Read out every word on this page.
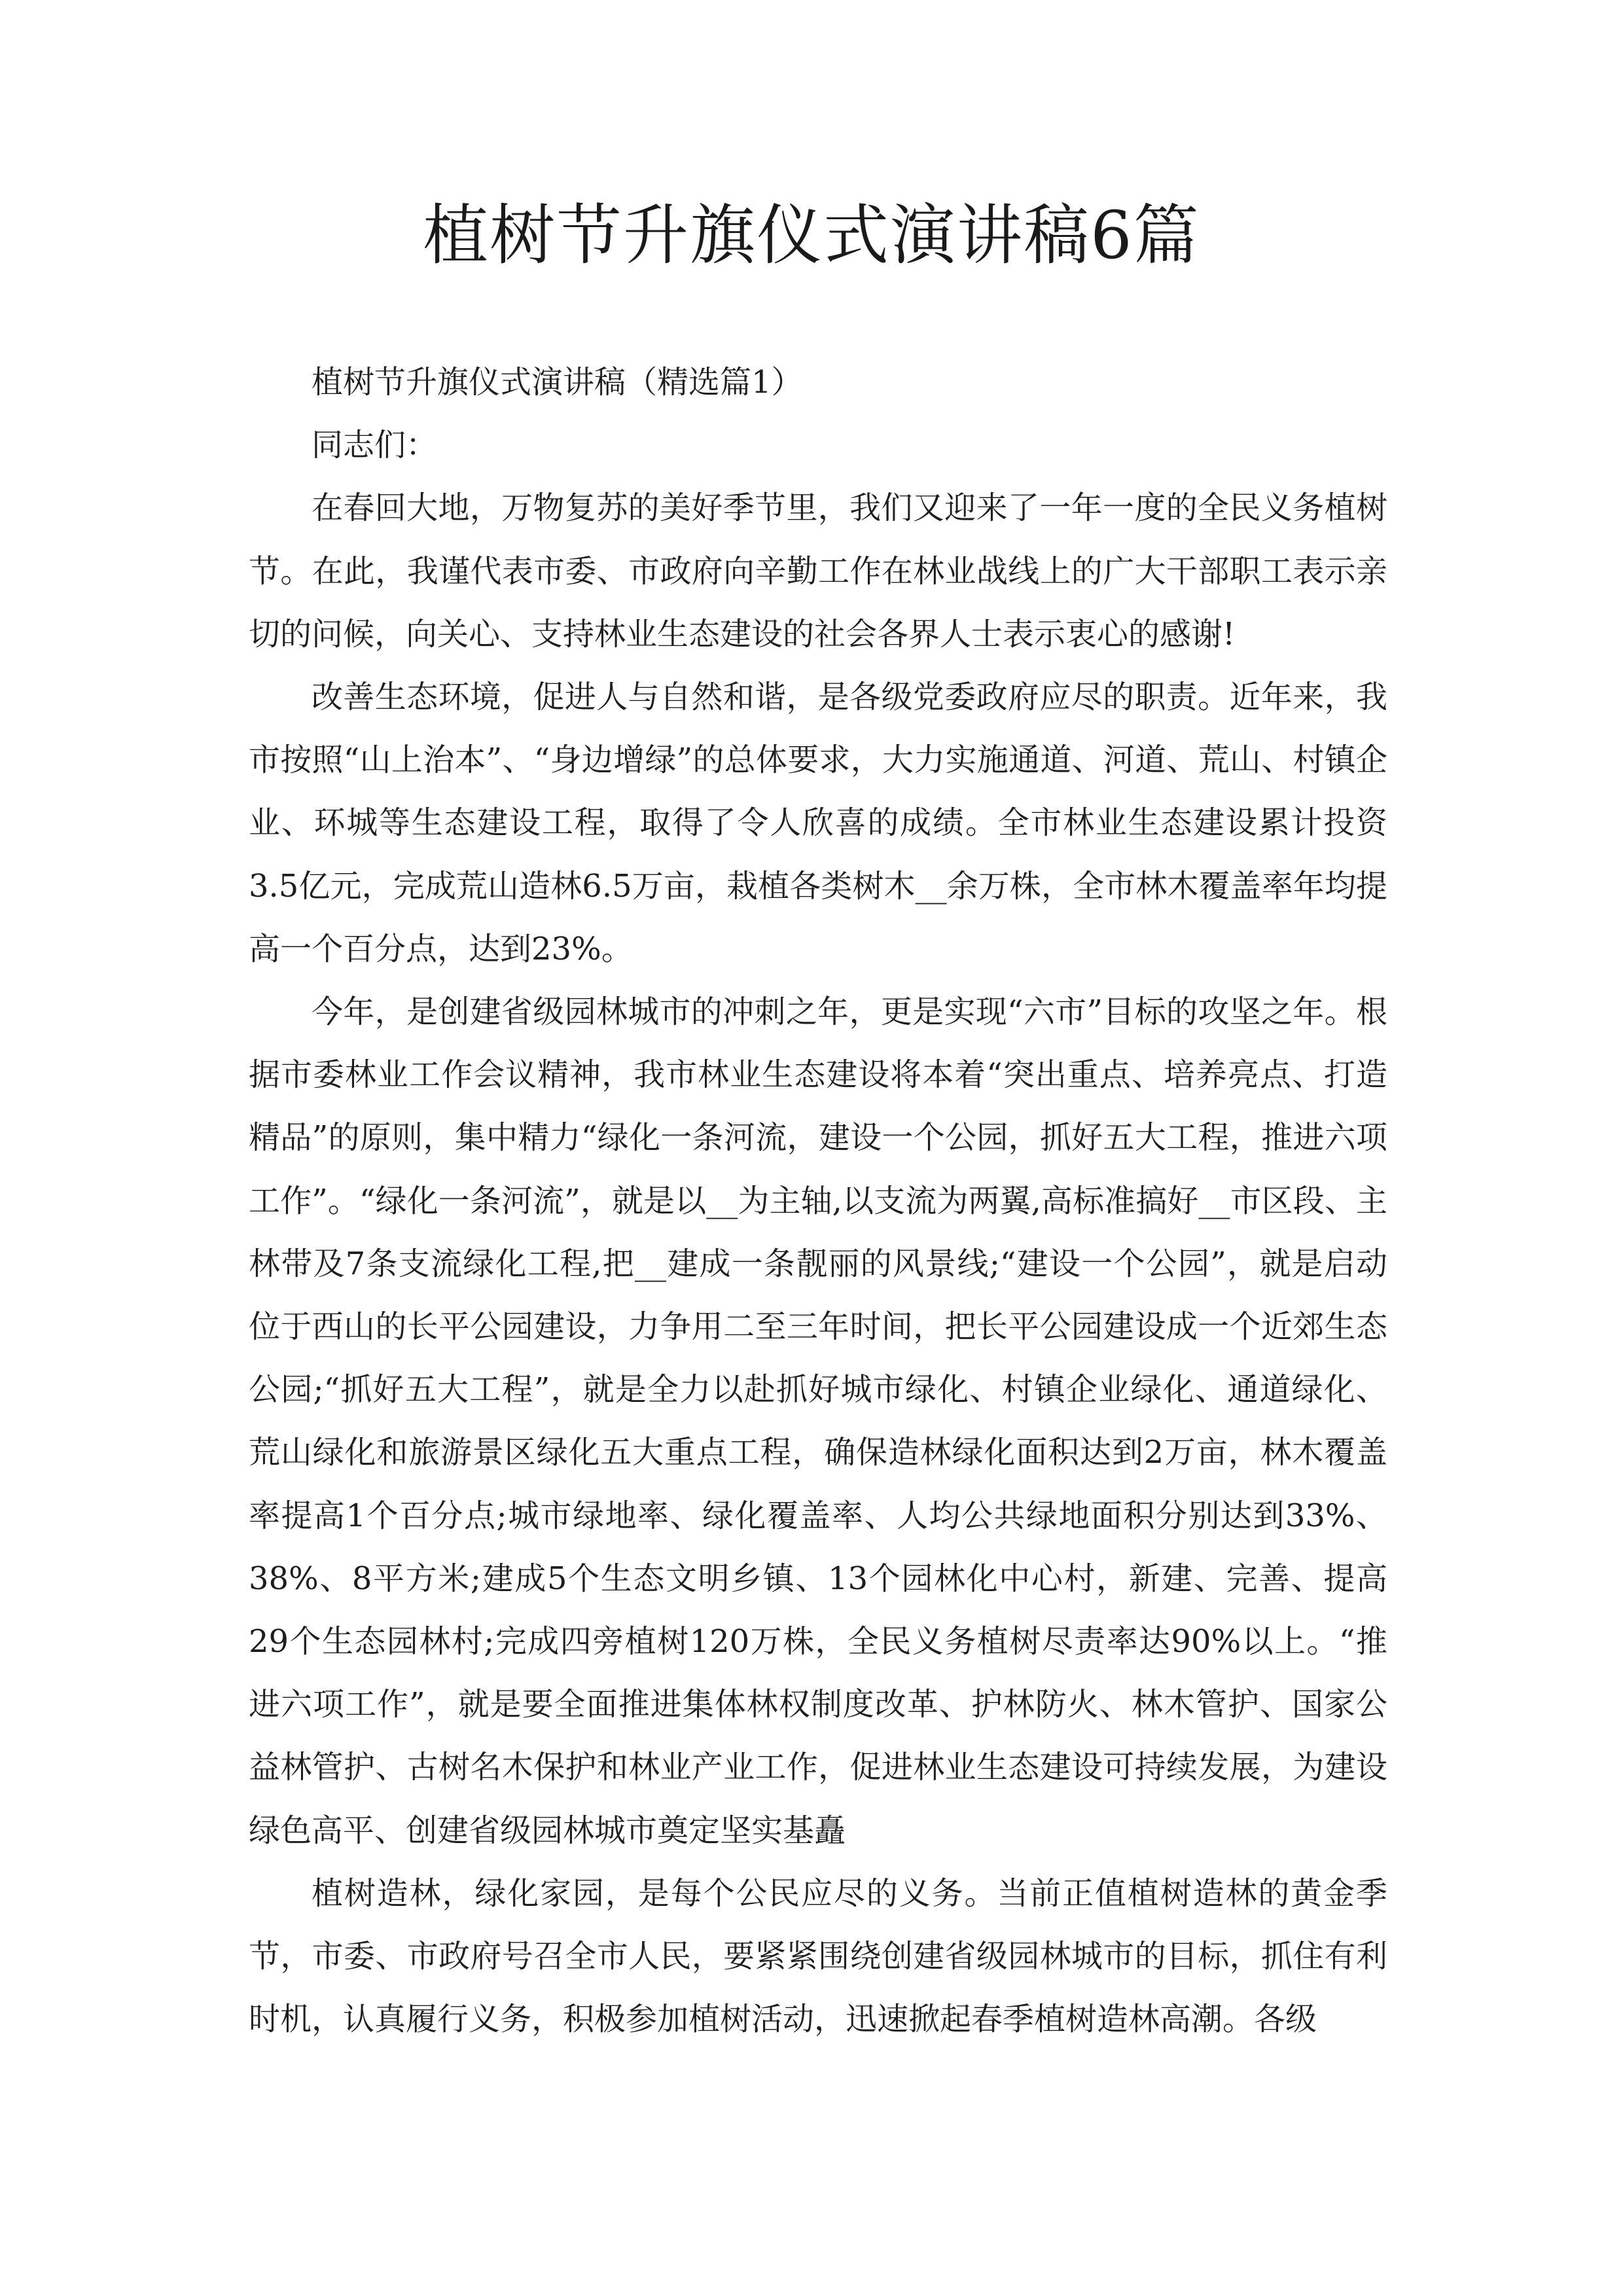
植树节升旗仪式演讲稿6篇

植树节升旗仪式演讲稿（精选篇1）

同志们：

在春回大地，万物复苏的美好季节里，我们又迎来了一年一度的全民义务植树节。在此，我谨代表市委、市政府向辛勤工作在林业战线上的广大干部职工表示亲切的问候，向关心、支持林业生态建设的社会各界人士表示衷心的感谢!

改善生态环境，促进人与自然和谐，是各级党委政府应尽的职责。近年来，我市按照“山上治本”、“身边增绿”的总体要求，大力实施通道、河道、荒山、村镇企业、环城等生态建设工程，取得了令人欣喜的成绩。全市林业生态建设累计投资3.5亿元，完成荒山造林6.5万亩，栽植各类树木__余万株，全市林木覆盖率年均提高一个百分点，达到23%。

今年，是创建省级园林城市的冲刺之年，更是实现“六市”目标的攻坚之年。根据市委林业工作会议精神，我市林业生态建设将本着“突出重点、培养亮点、打造精品”的原则，集中精力“绿化一条河流，建设一个公园，抓好五大工程，推进六项工作”。“绿化一条河流”，就是以__为主轴,以支流为两翼,高标准搞好__市区段、主林带及7条支流绿化工程,把__建成一条靓丽的风景线;“建设一个公园”，就是启动位于西山的长平公园建设，力争用二至三年时间，把长平公园建设成一个近郊生态公园;“抓好五大工程”，就是全力以赴抓好城市绿化、村镇企业绿化、通道绿化、荒山绿化和旅游景区绿化五大重点工程，确保造林绿化面积达到2万亩，林木覆盖率提高1个百分点;城市绿地率、绿化覆盖率、人均公共绿地面积分别达到33%、38%、8平方米;建成5个生态文明乡镇、13个园林化中心村，新建、完善、提高29个生态园林村;完成四旁植树120万株，全民义务植树尽责率达90%以上。“推进六项工作”，就是要全面推进集体林权制度改革、护林防火、林木管护、国家公益林管护、古树名木保护和林业产业工作，促进林业生态建设可持续发展，为建设绿色高平、创建省级园林城市奠定坚实基矗

植树造林，绿化家园，是每个公民应尽的义务。当前正值植树造林的黄金季节，市委、市政府号召全市人民，要紧紧围绕创建省级园林城市的目标，抓住有利时机，认真履行义务，积极参加植树活动，迅速掀起春季植树造林高潮。各级
